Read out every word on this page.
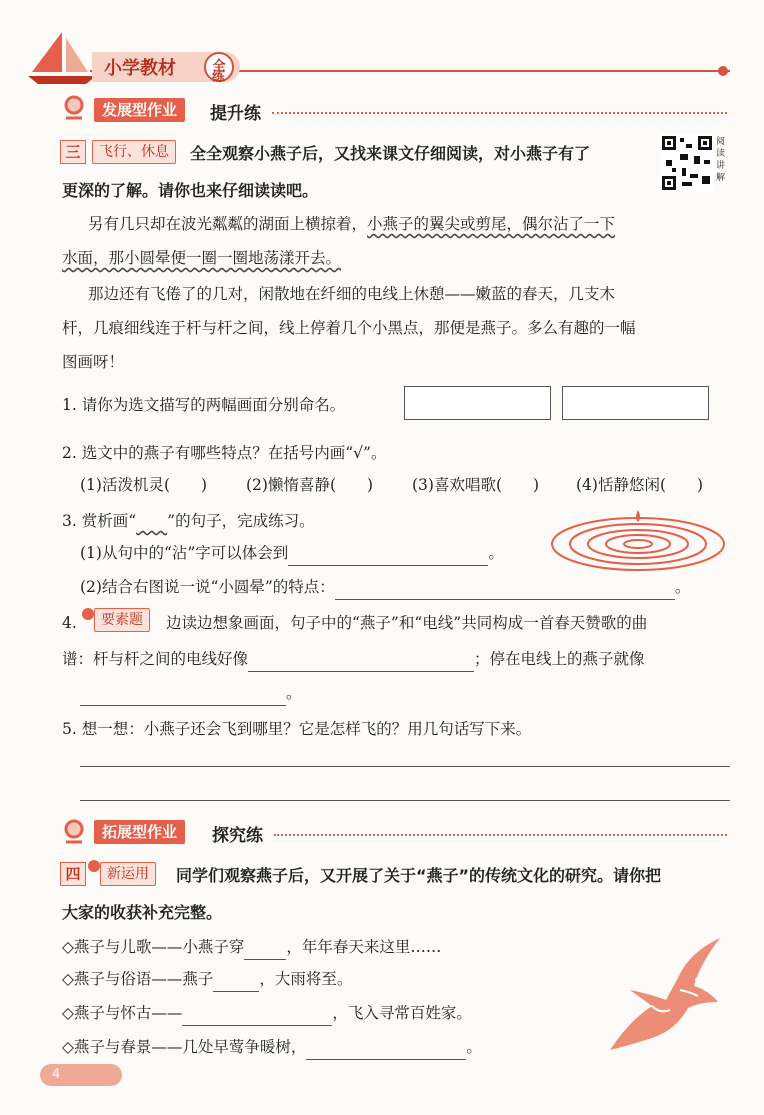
小学教材	全
练
发展型作业	提升练
三	飞行、休息	全全观察小燕子后，又找来课文仔细阅读，对小燕子有了
更深的了解。请你也来仔细读读吧。
阅读讲解
另有几只却在波光粼粼的湖面上横掠着，小燕子的翼尖或剪尾，偶尔沾了一下
水面，那小圆晕便一圈一圈地荡漾开去。
那边还有飞倦了的几对，闲散地在纤细的电线上休憩——嫩蓝的春天，几支木
杆，几痕细线连于杆与杆之间，线上停着几个小黑点，那便是燕子。多么有趣的一幅
图画呀！
1. 请你为选文描写的两幅画面分别命名。
2. 选文中的燕子有哪些特点？在括号内画“√”。
(1)活泼机灵(　　)	(2)懒惰喜静(　　)	(3)喜欢唱歌(　　) (4)恬静悠闲(　　)
3. 赏析画“　　 ”的句子，完成练习。
(1)从句中的“沾”字可以体会到	。
(2)结合右图说一说“小圆晕”的特点：	。
4.	要素题	边读边想象画面，句子中的“燕子”和“电线”共同构成一首春天赞歌的曲
谱：杆与杆之间的电线好像	；停在电线上的燕子就像
。
5. 想一想：小燕子还会飞到哪里？它是怎样飞的？用几句话写下来。
拓展型作业	探究练
四	新运用	同学们观察燕子后，又开展了关于“燕子”的传统文化的研究。请你把
大家的收获补充完整。
◇燕子与儿歌——小燕子穿	，年年春天来这里……
◇燕子与俗语——燕子	，大雨将至。
◇燕子与怀古——	，飞入寻常百姓家。
◇燕子与春景——几处早莺争暖树，	。
4
